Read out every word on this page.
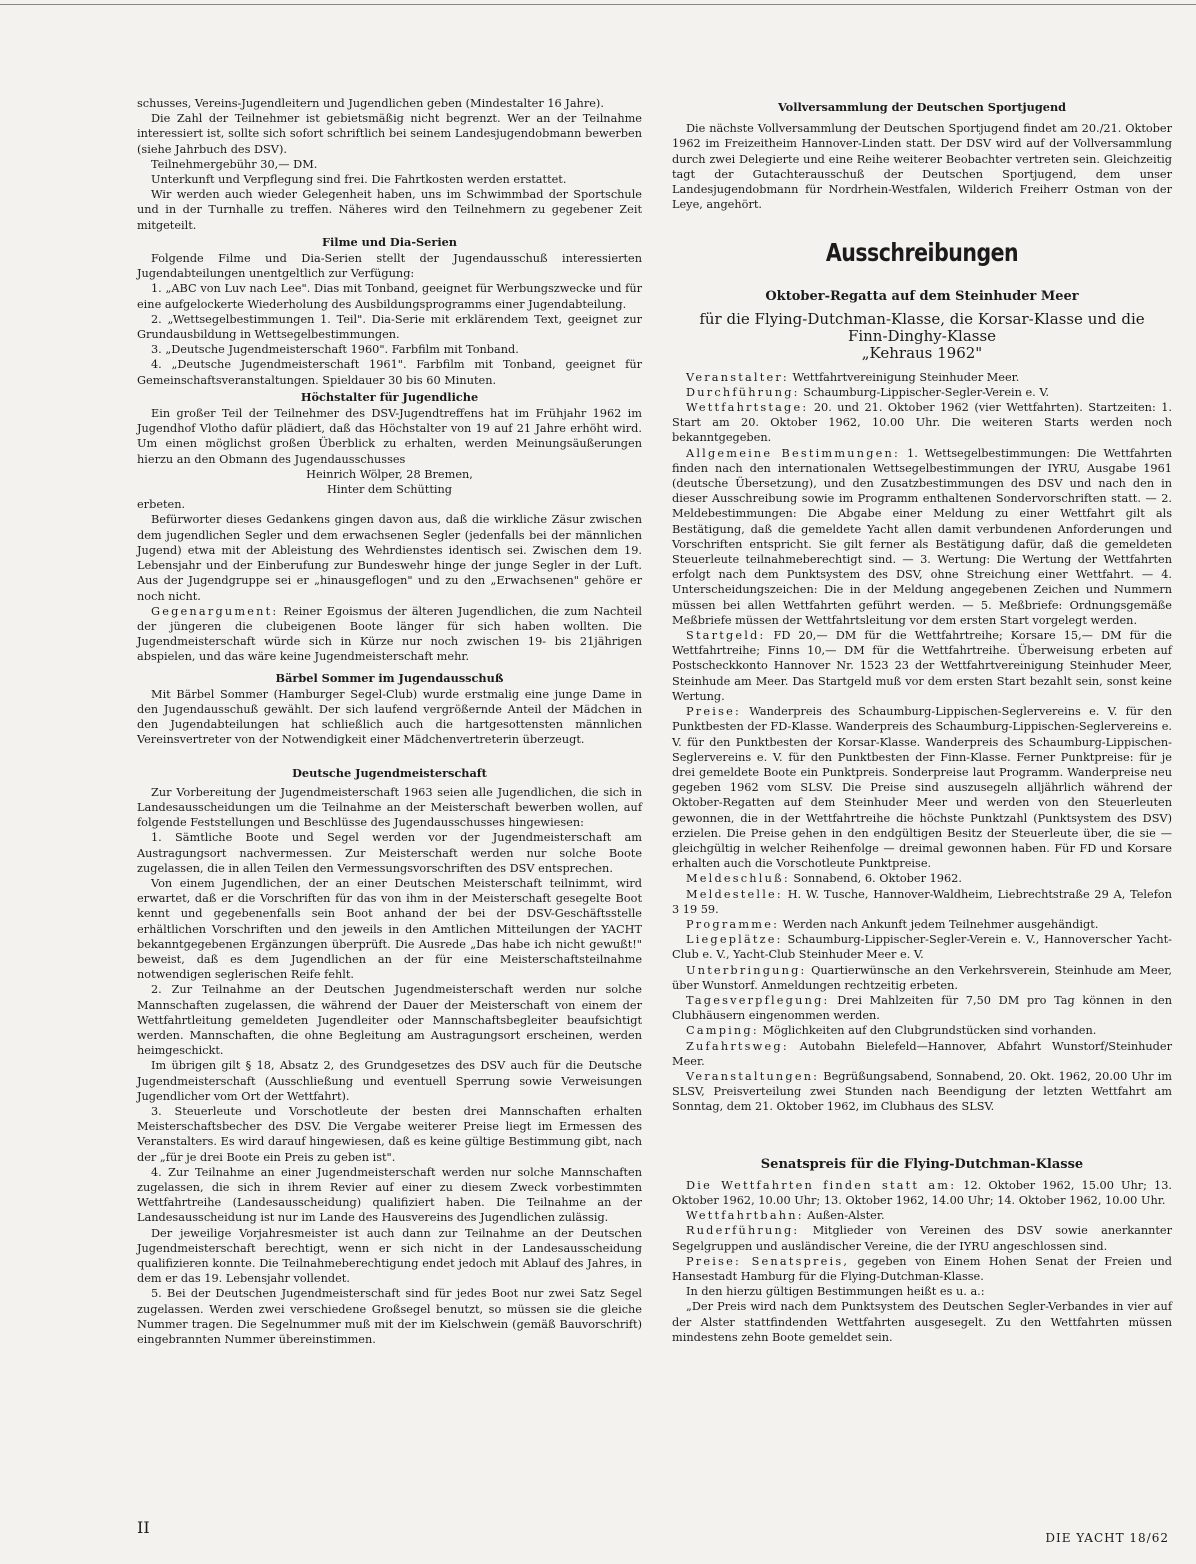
schusses, Vereins-Jugendleitern und Jugendlichen geben (Mindestalter 16 Jahre).

Die Zahl der Teilnehmer ist gebietsmäßig nicht begrenzt. Wer an der Teilnahme interessiert ist, sollte sich sofort schriftlich bei seinem Landesjugendobmann bewerben (siehe Jahrbuch des DSV).

Teilnehmergebühr 30,— DM.

Unterkunft und Verpflegung sind frei. Die Fahrtkosten werden erstattet.

Wir werden auch wieder Gelegenheit haben, uns im Schwimmbad der Sportschule und in der Turnhalle zu treffen. Näheres wird den Teilnehmern zu gegebener Zeit mitgeteilt.

Filme und Dia-Serien

Folgende Filme und Dia-Serien stellt der Jugendausschuß interessierten Jugendabteilungen unentgeltlich zur Verfügung:

1. „ABC von Luv nach Lee". Dias mit Tonband, geeignet für Werbungszwecke und für eine aufgelockerte Wiederholung des Ausbildungsprogramms einer Jugendabteilung.

2. „Wettsegelbestimmungen 1. Teil". Dia-Serie mit erklärendem Text, geeignet zur Grundausbildung in Wettsegelbestimmungen.

3. „Deutsche Jugendmeisterschaft 1960". Farbfilm mit Tonband.

4. „Deutsche Jugendmeisterschaft 1961". Farbfilm mit Tonband, geeignet für Gemeinschaftsveranstaltungen. Spieldauer 30 bis 60 Minuten.

Höchstalter für Jugendliche

Ein großer Teil der Teilnehmer des DSV-Jugendtreffens hat im Frühjahr 1962 im Jugendhof Vlotho dafür plädiert, daß das Höchstalter von 19 auf 21 Jahre erhöht wird. Um einen möglichst großen Überblick zu erhalten, werden Meinungsäußerungen hierzu an den Obmann des Jugendausschusses

Heinrich Wölper, 28 Bremen,

Hinter dem Schütting

erbeten.

Befürworter dieses Gedankens gingen davon aus, daß die wirkliche Zäsur zwischen dem jugendlichen Segler und dem erwachsenen Segler (jedenfalls bei der männlichen Jugend) etwa mit der Ableistung des Wehrdienstes identisch sei. Zwischen dem 19. Lebensjahr und der Einberufung zur Bundeswehr hinge der junge Segler in der Luft. Aus der Jugendgruppe sei er „hinausgeflogen" und zu den „Erwachsenen" gehöre er noch nicht.

Gegenargument: Reiner Egoismus der älteren Jugendlichen, die zum Nachteil der jüngeren die clubeigenen Boote länger für sich haben wollten. Die Jugendmeisterschaft würde sich in Kürze nur noch zwischen 19- bis 21jährigen abspielen, und das wäre keine Jugendmeisterschaft mehr.

Bärbel Sommer im Jugendausschuß

Mit Bärbel Sommer (Hamburger Segel-Club) wurde erstmalig eine junge Dame in den Jugendausschuß gewählt. Der sich laufend vergrößernde Anteil der Mädchen in den Jugendabteilungen hat schließlich auch die hartgesottensten männlichen Vereinsvertreter von der Notwendigkeit einer Mädchenvertreterin überzeugt.

Deutsche Jugendmeisterschaft

Zur Vorbereitung der Jugendmeisterschaft 1963 seien alle Jugendlichen, die sich in Landesausscheidungen um die Teilnahme an der Meisterschaft bewerben wollen, auf folgende Feststellungen und Beschlüsse des Jugendausschusses hingewiesen:

1. Sämtliche Boote und Segel werden vor der Jugendmeisterschaft am Austragungsort nachvermessen. Zur Meisterschaft werden nur solche Boote zugelassen, die in allen Teilen den Vermessungsvorschriften des DSV entsprechen.

Von einem Jugendlichen, der an einer Deutschen Meisterschaft teilnimmt, wird erwartet, daß er die Vorschriften für das von ihm in der Meisterschaft gesegelte Boot kennt und gegebenenfalls sein Boot anhand der bei der DSV-Geschäftsstelle erhältlichen Vorschriften und den jeweils in den Amtlichen Mitteilungen der YACHT bekanntgegebenen Ergänzungen überprüft. Die Ausrede „Das habe ich nicht gewußt!" beweist, daß es dem Jugendlichen an der für eine Meisterschaftsteilnahme notwendigen seglerischen Reife fehlt.

2. Zur Teilnahme an der Deutschen Jugendmeisterschaft werden nur solche Mannschaften zugelassen, die während der Dauer der Meisterschaft von einem der Wettfahrtleitung gemeldeten Jugendleiter oder Mannschaftsbegleiter beaufsichtigt werden. Mannschaften, die ohne Begleitung am Austragungsort erscheinen, werden heimgeschickt.

Im übrigen gilt § 18, Absatz 2, des Grundgesetzes des DSV auch für die Deutsche Jugendmeisterschaft (Ausschließung und eventuell Sperrung sowie Verweisungen Jugendlicher vom Ort der Wettfahrt).

3. Steuerleute und Vorschotleute der besten drei Mannschaften erhalten Meisterschaftsbecher des DSV. Die Vergabe weiterer Preise liegt im Ermessen des Veranstalters. Es wird darauf hingewiesen, daß es keine gültige Bestimmung gibt, nach der „für je drei Boote ein Preis zu geben ist".

4. Zur Teilnahme an einer Jugendmeisterschaft werden nur solche Mannschaften zugelassen, die sich in ihrem Revier auf einer zu diesem Zweck vorbestimmten Wettfahrtreihe (Landesausscheidung) qualifiziert haben. Die Teilnahme an der Landesausscheidung ist nur im Lande des Hausvereins des Jugendlichen zulässig.

Der jeweilige Vorjahresmeister ist auch dann zur Teilnahme an der Deutschen Jugendmeisterschaft berechtigt, wenn er sich nicht in der Landesausscheidung qualifizieren konnte. Die Teilnahmeberechtigung endet jedoch mit Ablauf des Jahres, in dem er das 19. Lebensjahr vollendet.

5. Bei der Deutschen Jugendmeisterschaft sind für jedes Boot nur zwei Satz Segel zugelassen. Werden zwei verschiedene Großsegel benutzt, so müssen sie die gleiche Nummer tragen. Die Segelnummer muß mit der im Kielschwein (gemäß Bauvorschrift) eingebrannten Nummer übereinstimmen.

Vollversammlung der Deutschen Sportjugend

Die nächste Vollversammlung der Deutschen Sportjugend findet am 20./21. Oktober 1962 im Freizeitheim Hannover-Linden statt. Der DSV wird auf der Vollversammlung durch zwei Delegierte und eine Reihe weiterer Beobachter vertreten sein. Gleichzeitig tagt der Gutachterausschuß der Deutschen Sportjugend, dem unser Landesjugendobmann für Nordrhein-Westfalen, Wilderich Freiherr Ostman von der Leye, angehört.

Ausschreibungen
Oktober-Regatta auf dem Steinhuder Meer

für die Flying-Dutchman-Klasse, die Korsar-Klasse und die

Finn-Dinghy-Klasse

„Kehraus 1962"

Veranstalter: Wettfahrtvereinigung Steinhuder Meer.

Durchführung: Schaumburg-Lippischer-Segler-Verein e. V.

Wettfahrtstage: 20. und 21. Oktober 1962 (vier Wettfahrten). Startzeiten: 1. Start am 20. Oktober 1962, 10.00 Uhr. Die weiteren Starts werden noch bekanntgegeben.

Allgemeine Bestimmungen: 1. Wettsegelbestimmungen: Die Wettfahrten finden nach den internationalen Wettsegelbestimmungen der IYRU, Ausgabe 1961 (deutsche Übersetzung), und den Zusatzbestimmungen des DSV und nach den in dieser Ausschreibung sowie im Programm enthaltenen Sondervorschriften statt. — 2. Meldebestimmungen: Die Abgabe einer Meldung zu einer Wettfahrt gilt als Bestätigung, daß die gemeldete Yacht allen damit verbundenen Anforderungen und Vorschriften entspricht. Sie gilt ferner als Bestätigung dafür, daß die gemeldeten Steuerleute teilnahmeberechtigt sind. — 3. Wertung: Die Wertung der Wettfahrten erfolgt nach dem Punktsystem des DSV, ohne Streichung einer Wettfahrt. — 4. Unterscheidungszeichen: Die in der Meldung angegebenen Zeichen und Nummern müssen bei allen Wettfahrten geführt werden. — 5. Meßbriefe: Ordnungsgemäße Meßbriefe müssen der Wettfahrtsleitung vor dem ersten Start vorgelegt werden.

Startgeld: FD 20,— DM für die Wettfahrtreihe; Korsare 15,— DM für die Wettfahrtreihe; Finns 10,— DM für die Wettfahrtreihe. Überweisung erbeten auf Postscheckkonto Hannover Nr. 1523 23 der Wettfahrtvereinigung Steinhuder Meer, Steinhude am Meer. Das Startgeld muß vor dem ersten Start bezahlt sein, sonst keine Wertung.

Preise: Wanderpreis des Schaumburg-Lippischen-Seglervereins e. V. für den Punktbesten der FD-Klasse. Wanderpreis des Schaumburg-Lippischen-Seglervereins e. V. für den Punktbesten der Korsar-Klasse. Wanderpreis des Schaumburg-Lippischen-Seglervereins e. V. für den Punktbesten der Finn-Klasse. Ferner Punktpreise: für je drei gemeldete Boote ein Punktpreis. Sonderpreise laut Programm. Wanderpreise neu gegeben 1962 vom SLSV. Die Preise sind auszusegeln alljährlich während der Oktober-Regatten auf dem Steinhuder Meer und werden von den Steuerleuten gewonnen, die in der Wettfahrtreihe die höchste Punktzahl (Punktsystem des DSV) erzielen. Die Preise gehen in den endgültigen Besitz der Steuerleute über, die sie — gleichgültig in welcher Reihenfolge — dreimal gewonnen haben. Für FD und Korsare erhalten auch die Vorschotleute Punktpreise.

Meldeschluß: Sonnabend, 6. Oktober 1962.

Meldestelle: H. W. Tusche, Hannover-Waldheim, Liebrechtstraße 29 A, Telefon 3 19 59.

Programme: Werden nach Ankunft jedem Teilnehmer ausgehändigt.

Liegeplätze: Schaumburg-Lippischer-Segler-Verein e. V., Hannoverscher Yacht-Club e. V., Yacht-Club Steinhuder Meer e. V.

Unterbringung: Quartierwünsche an den Verkehrsverein, Steinhude am Meer, über Wunstorf. Anmeldungen rechtzeitig erbeten.

Tagesverpflegung: Drei Mahlzeiten für 7,50 DM pro Tag können in den Clubhäusern eingenommen werden.

Camping: Möglichkeiten auf den Clubgrundstücken sind vorhanden.

Zufahrtsweg: Autobahn Bielefeld—Hannover, Abfahrt Wunstorf/Steinhuder Meer.

Veranstaltungen: Begrüßungsabend, Sonnabend, 20. Okt. 1962, 20.00 Uhr im SLSV, Preisverteilung zwei Stunden nach Beendigung der letzten Wettfahrt am Sonntag, dem 21. Oktober 1962, im Clubhaus des SLSV.

Senatspreis für die Flying-Dutchman-Klasse

Die Wettfahrten finden statt am: 12. Oktober 1962, 15.00 Uhr; 13. Oktober 1962, 10.00 Uhr; 13. Oktober 1962, 14.00 Uhr; 14. Oktober 1962, 10.00 Uhr.

Wettfahrtbahn: Außen-Alster.

Ruderführung: Mitglieder von Vereinen des DSV sowie anerkannter Segelgruppen und ausländischer Vereine, die der IYRU angeschlossen sind.

Preise: Senatspreis, gegeben von Einem Hohen Senat der Freien und Hansestadt Hamburg für die Flying-Dutchman-Klasse.

In den hierzu gültigen Bestimmungen heißt es u. a.:

„Der Preis wird nach dem Punktsystem des Deutschen Segler-Verbandes in vier auf der Alster stattfindenden Wettfahrten ausgesegelt. Zu den Wettfahrten müssen mindestens zehn Boote gemeldet sein.

II
DIE YACHT 18/62
